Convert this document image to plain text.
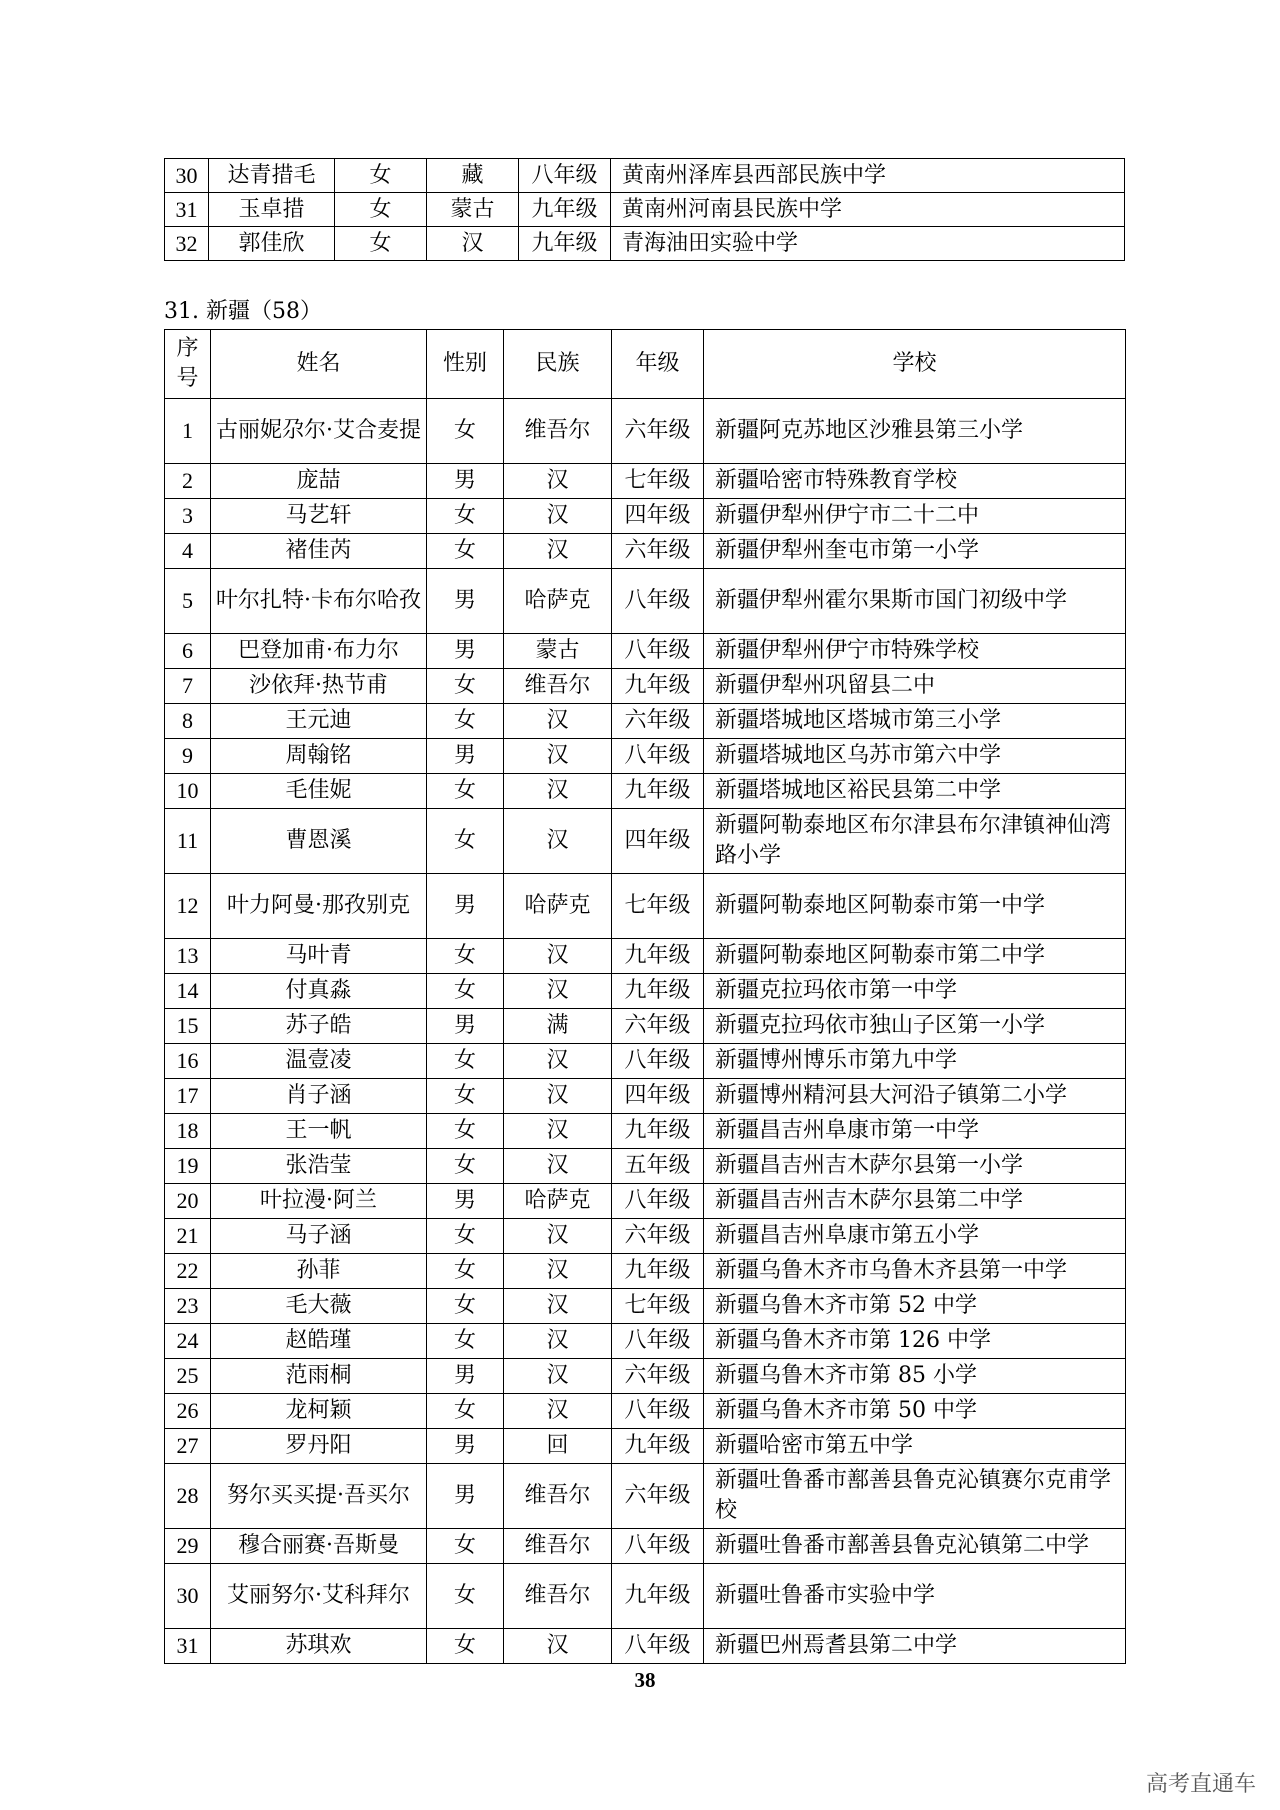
30	达青措毛	女	藏	八年级	黄南州泽库县西部民族中学
31	玉卓措	女	蒙古	九年级	黄南州河南县民族中学
32	郭佳欣	女	汉	九年级	青海油田实验中学
31. 新疆（58）
序号	姓名	性别	民族	年级	学校
1	古丽妮尕尔·艾合麦提	女	维吾尔	六年级	新疆阿克苏地区沙雅县第三小学
2	庞喆	男	汉	七年级	新疆哈密市特殊教育学校
3	马艺轩	女	汉	四年级	新疆伊犁州伊宁市二十二中
4	褚佳芮	女	汉	六年级	新疆伊犁州奎屯市第一小学
5	叶尔扎特·卡布尔哈孜	男	哈萨克	八年级	新疆伊犁州霍尔果斯市国门初级中学
6	巴登加甫·布力尔	男	蒙古	八年级	新疆伊犁州伊宁市特殊学校
7	沙依拜·热节甫	女	维吾尔	九年级	新疆伊犁州巩留县二中
8	王元迪	女	汉	六年级	新疆塔城地区塔城市第三小学
9	周翰铭	男	汉	八年级	新疆塔城地区乌苏市第六中学
10	毛佳妮	女	汉	九年级	新疆塔城地区裕民县第二中学
11	曹恩溪	女	汉	四年级	新疆阿勒泰地区布尔津县布尔津镇神仙湾路小学
12	叶力阿曼·那孜别克	男	哈萨克	七年级	新疆阿勒泰地区阿勒泰市第一中学
13	马叶青	女	汉	九年级	新疆阿勒泰地区阿勒泰市第二中学
14	付真淼	女	汉	九年级	新疆克拉玛依市第一中学
15	苏子皓	男	满	六年级	新疆克拉玛依市独山子区第一小学
16	温壹凌	女	汉	八年级	新疆博州博乐市第九中学
17	肖子涵	女	汉	四年级	新疆博州精河县大河沿子镇第二小学
18	王一帆	女	汉	九年级	新疆昌吉州阜康市第一中学
19	张浩莹	女	汉	五年级	新疆昌吉州吉木萨尔县第一小学
20	叶拉漫·阿兰	男	哈萨克	八年级	新疆昌吉州吉木萨尔县第二中学
21	马子涵	女	汉	六年级	新疆昌吉州阜康市第五小学
22	孙菲	女	汉	九年级	新疆乌鲁木齐市乌鲁木齐县第一中学
23	毛大薇	女	汉	七年级	新疆乌鲁木齐市第 52 中学
24	赵皓瑾	女	汉	八年级	新疆乌鲁木齐市第 126 中学
25	范雨桐	男	汉	六年级	新疆乌鲁木齐市第 85 小学
26	龙柯颖	女	汉	八年级	新疆乌鲁木齐市第 50 中学
27	罗丹阳	男	回	九年级	新疆哈密市第五中学
28	努尔买买提·吾买尔	男	维吾尔	六年级	新疆吐鲁番市鄯善县鲁克沁镇赛尔克甫学校
29	穆合丽赛·吾斯曼	女	维吾尔	八年级	新疆吐鲁番市鄯善县鲁克沁镇第二中学
30	艾丽努尔·艾科拜尔	女	维吾尔	九年级	新疆吐鲁番市实验中学
31	苏琪欢	女	汉	八年级	新疆巴州焉耆县第二中学
38
高考直通车
